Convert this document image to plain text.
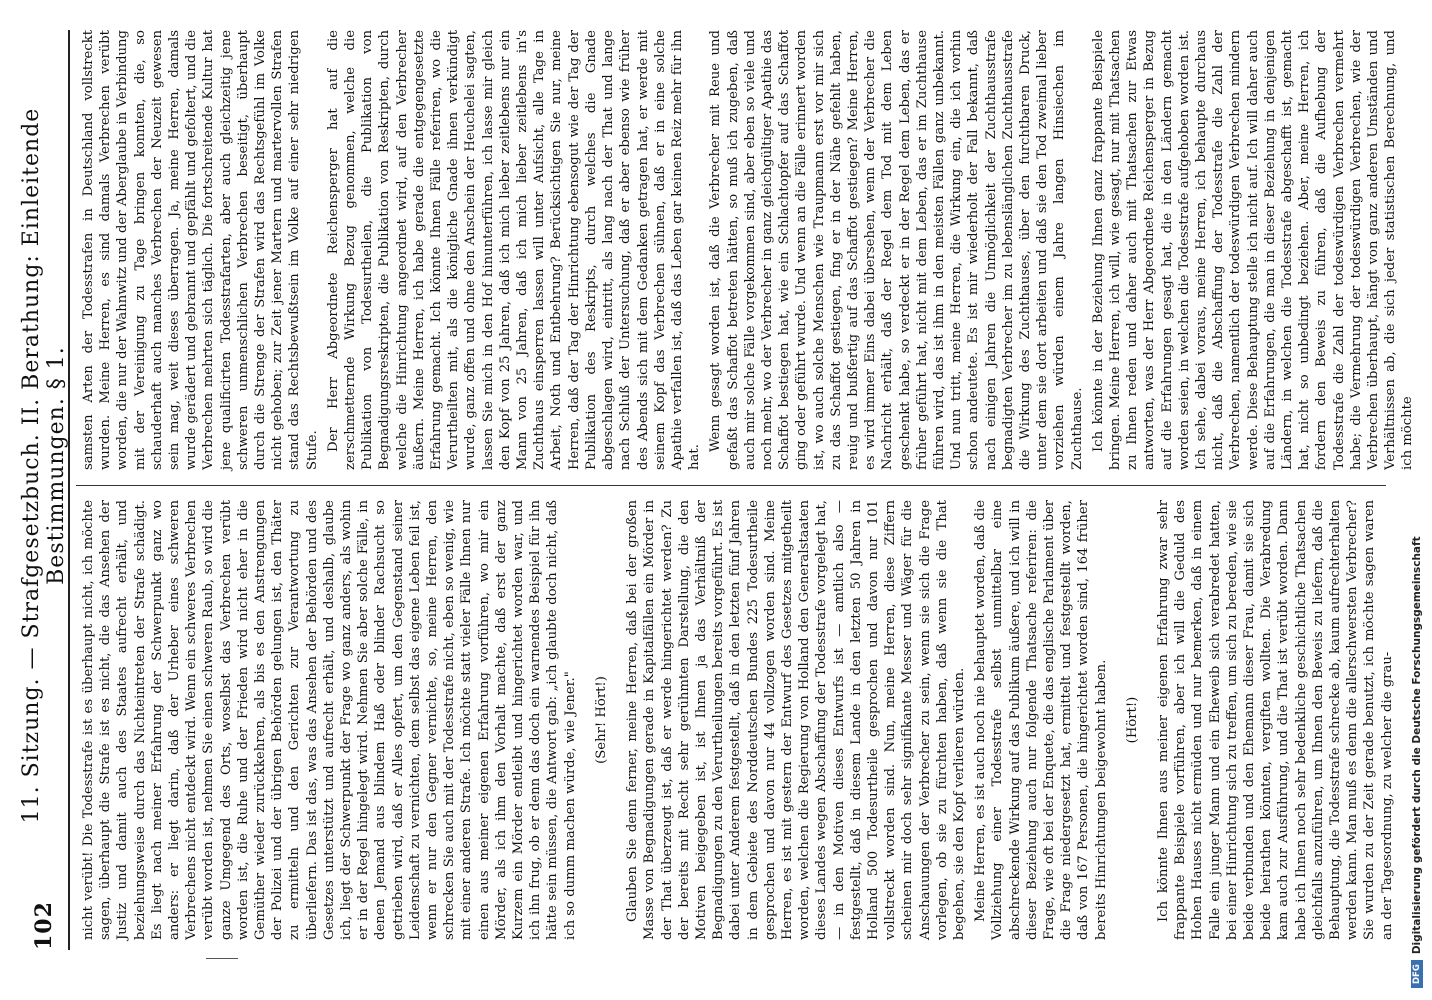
102
11. Sitzung. — Strafgesetzbuch. II. Berathung: Einleitende Bestimmungen. § 1.

nicht verübt! Die Todesstrafe ist es überhaupt nicht, ich möchte sagen, überhaupt die Strafe ist es nicht, die das Ansehen der Justiz und damit auch des Staates aufrecht erhält, und beziehungsweise durch das Nichteintreten der Strafe schädigt. Es liegt nach meiner Erfahrung der Schwerpunkt ganz wo anders: er liegt darin, daß der Urheber eines schweren Verbrechens nicht entdeckt wird. Wenn ein schweres Verbrechen verübt worden ist, nehmen Sie einen schweren Raub, so wird die ganze Umgegend des Orts, woselbst das Verbrechen verübt worden ist, die Ruhe und der Frieden wird nicht eher in die Gemüther wieder zurückkehren, als bis es den Anstrengungen der Polizei und der übrigen Behörden gelungen ist, den Thäter zu ermitteln und den Gerichten zur Verantwortung zu überliefern. Das ist das, was das Ansehen der Behörden und des Gesetzes unterstützt und aufrecht erhält, und deshalb, glaube ich, liegt der Schwerpunkt der Frage wo ganz anders, als wohin er in der Regel hingelegt wird. Nehmen Sie aber solche Fälle, in denen Jemand aus blindem Haß oder blinder Rachsucht so getrieben wird, daß er Alles opfert, um den Gegenstand seiner Leidenschaft zu vernichten, dem selbst das eigene Leben feil ist, wenn er nur den Gegner vernichte, so, meine Herren, den schrecken Sie auch mit der Todesstrafe nicht, eben so wenig, wie mit einer anderen Strafe. Ich möchte statt vieler Fälle Ihnen nur einen aus meiner eigenen Erfahrung vorführen, wo mir ein Mörder, als ich ihm den Vorhalt machte, daß erst der ganz Kurzem ein Mörder entleibt und hingerichtet worden war, und ich ihn frug, ob er denn das doch ein warnendes Beispiel für ihn hätte sein müssen, die Antwort gab: „ich glaubte doch nicht, daß ich so dumm machen würde, wie Jener." (Sehr! Hört!) Glauben Sie denn ferner, meine Herren, daß bei der großen Masse von Begnadigungen gerade in Kapitalfällen ein Mörder in der That überzeugt ist, daß er werde hingerichtet werden? Zu der bereits mit Recht sehr gerühmten Darstellung, die den Motiven beigegeben ist, ist Ihnen ja das Verhältniß der Begnadigungen zu den Verurtheilungen bereits vorgeführt. Es ist dabei unter Anderem festgestellt, daß in den letzten fünf Jahren in dem Gebiete des Norddeutschen Bundes 225 Todesurtheile gesprochen und davon nur 44 vollzogen worden sind. Meine Herren, es ist mit gestern der Entwurf des Gesetzes mitgetheilt worden, welchen die Regierung von Holland den Generalstaaten dieses Landes wegen Abschaffung der Todesstrafe vorgelegt hat, — in den Motiven dieses Entwurfs ist — amtlich also — festgestellt, daß in diesem Lande in den letzten 50 Jahren in Holland 500 Todesurtheile gesprochen und davon nur 101 vollstreckt worden sind. Nun, meine Herren, diese Ziffern scheinen mir doch sehr signifikante Messer und Wäger für die Anschauungen der Verbrecher zu sein, wenn sie sich die Frage vorlegen, ob sie zu fürchten haben, daß wenn sie die That begehen, sie den Kopf verlieren würden. Meine Herren, es ist auch noch nie behauptet worden, daß die Vollziehung einer Todesstrafe selbst unmittelbar eine abschreckende Wirkung auf das Publikum äußere, und ich will in dieser Beziehung auch nur folgende Thatsache referiren: die Frage, wie oft bei der Enquete, die das englische Parlament über die Frage niedergesetzt hat, ermittelt und festgestellt worden, daß von 167 Personen, die hingerichtet worden sind, 164 früher bereits Hinrichtungen beigewohnt haben. (Hört!) Ich könnte Ihnen aus meiner eigenen Erfahrung zwar sehr frappante Beispiele vorführen, aber ich will die Geduld des Hohen Hauses nicht ermüden und nur bemerken, daß in einem Falle ein junger Mann und ein Eheweib sich verabredet hatten, bei einer Hinrichtung sich zu treffen, um sich zu bereden, wie sie beide verbunden und den Ehemann dieser Frau, damit sie sich beide heirathen könnten, vergiften wollten. Die Verabredung kam auch zur Ausführung, und die That ist verübt worden. Dann habe ich Ihnen noch sehr bedenkliche geschichtliche Thatsachen gleichfalls anzuführen, um Ihnen den Beweis zu liefern, daß die Behauptung, die Todesstrafe schrecke ab, kaum aufrechterhalten werden kann. Man muß es denn die allerschwersten Verbrecher? Sie wurden zu der Zeit gerade benutzt, ich möchte sagen waren an der Tagesordnung, zu welcher die grau-

samsten Arten der Todesstrafen in Deutschland vollstreckt wurden. Meine Herren, es sind damals Verbrechen verübt worden, die nur der Wahnwitz und der Aberglaube in Verbindung mit der Vereinigung zu Tage bringen konnten, die, so schauderhaft auch manches Verbrechen der Neuzeit gewesen sein mag, weit dieses überragen. Ja, meine Herren, damals wurde gerädert und gebrannt und gepfählt und gefoltert, und die Verbrechen mehrten sich täglich. Die fortschreitende Kultur hat jene qualificirten Todesstrafarten, aber auch gleichzeitig jene schweren unmenschlichen Verbrechen beseitigt, überhaupt durch die Strenge der Strafen wird das Rechtsgefühl im Volke nicht gehoben; zur Zeit jener Martern und martervollen Strafen stand das Rechtsbewußtsein im Volke auf einer sehr niedrigen Stufe. Der Herr Abgeordnete Reichensperger hat auf die zerschmetternde Wirkung Bezug genommen, welche die Publikation von Todesurtheilen, die Publikation von Begnadigungsreskripten, die Publikation von Reskripten, durch welche die Hinrichtung angeordnet wird, auf den Verbrecher äußern. Meine Herren, ich habe gerade die entgegengesetzte Erfahrung gemacht. Ich könnte Ihnen Fälle referiren, wo die Verurtheilten mit, als die königliche Gnade ihnen verkündigt wurde, ganz offen und ohne den Anschein der Heuchelei sagten, lassen Sie mich in den Hof hinunterführen, ich lasse mir gleich den Kopf von 25 Jahren, daß ich mich lieber zeitlebens nur ein Mann von 25 Jahren, daß ich mich lieber zeitlebens in's Zuchthaus einsperren lassen will unter Aufsicht, alle Tage in Arbeit, Noth und Entbehrung? Berücksichtigen Sie nur, meine Herren, daß der Tag der Hinrichtung ebensogut wie der Tag der Publikation des Reskripts, durch welches die Gnade abgeschlagen wird, eintritt, als lang nach der That und lange nach Schluß der Untersuchung, daß er aber ebenso wie früher des Abends sich mit dem Gedanken getragen hat, er werde mit seinem Kopf das Verbrechen sühnen, daß er in eine solche Apathie verfallen ist, daß das Leben gar keinen Reiz mehr für ihn hat.

Wenn gesagt worden ist, daß die Verbrecher mit Reue und gefaßt das Schaffot betreten hätten, so muß ich zugeben, daß auch mir solche Fälle vorgekommen sind, aber eben so viele und noch mehr, wo der Verbrecher in ganz gleichgültiger Apathie das Schaffot bestiegen hat, wie ein Schlachtopfer auf das Schaffot ging oder geführt wurde. Und wenn an die Fälle erinnert worden ist, wo auch solche Menschen wie Traupmann erst vor mir sich zu das Schaffot gestiegen, fing er in der Nähe gefehlt haben, reuig und bußfertig auf das Schaffot gestiegen? Meine Herren, es wird immer Eins dabei übersehen, wenn der Verbrecher die Nachricht erhält, daß der Regel dem Tod mit dem Leben geschenkt habe, so verdeckt er in der Regel dem Leben, das er früher geführt hat, nicht mit dem Leben, das er im Zuchthause führen wird, das ist ihm in den meisten Fällen ganz unbekannt. Und nun tritt, meine Herren, die Wirkung ein, die ich vorhin schon andeutete. Es ist mir wiederholt der Fall bekannt, daß nach einigen Jahren die Unmöglichkeit der Zuchthausstrafe begnadigten Verbrecher im zu lebenslänglichen Zuchthausstrafe die Wirkung des Zuchthauses, über den furchtbaren Druck, unter dem sie dort arbeiten und daß sie den Tod zweimal lieber vorziehen würden einem Jahre langen Hinsiechen im Zuchthause. Ich könnte in der Beziehung Ihnen ganz frappante Beispiele bringen. Meine Herren, ich will, wie gesagt, nur mit Thatsachen zu Ihnen reden und daher auch mit Thatsachen zur Etwas antworten, was der Herr Abgeordnete Reichensperger in Bezug auf die Erfahrungen gesagt hat, die in den Ländern gemacht worden seien, in welchen die Todesstrafe aufgehoben worden ist. Ich sehe, dabei voraus, meine Herren, ich behaupte durchaus nicht, daß die Abschaffung der Todesstrafe die Zahl der Verbrechen, namentlich der todeswürdigen Verbrechen mindern werde. Diese Behauptung stelle ich nicht auf. Ich will daher auch auf die Erfahrungen, die man in dieser Beziehung in denjenigen Ländern, in welchen die Todesstrafe abgeschafft ist, gemacht hat, nicht so unbedingt beziehen. Aber, meine Herren, ich fordern den Beweis zu führen, daß die Aufhebung der Todesstrafe die Zahl der todeswürdigen Verbrechen vermehrt habe; die Vermehrung der todeswürdigen Verbrechen, wie der Verbrechen überhaupt, hängt von ganz anderen Umständen und Verhältnissen ab, die sich jeder statistischen Berechnung, und ich möchte

DFG
Digitalisierung gefördert durch die Deutsche Forschungsgemeinschaft
